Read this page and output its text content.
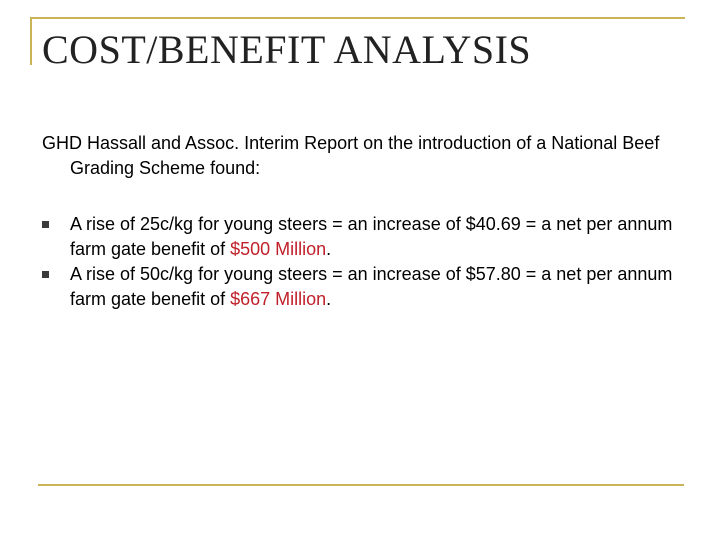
COST/BENEFIT ANALYSIS

GHD Hassall and Assoc. Interim Report on the introduction of a National Beef Grading Scheme found:

A rise of 25c/kg for young steers = an increase of $40.69 = a net per annum farm gate benefit of $500 Million.
A rise of 50c/kg for young steers = an increase of $57.80 = a net per annum farm gate benefit of $667 Million.
